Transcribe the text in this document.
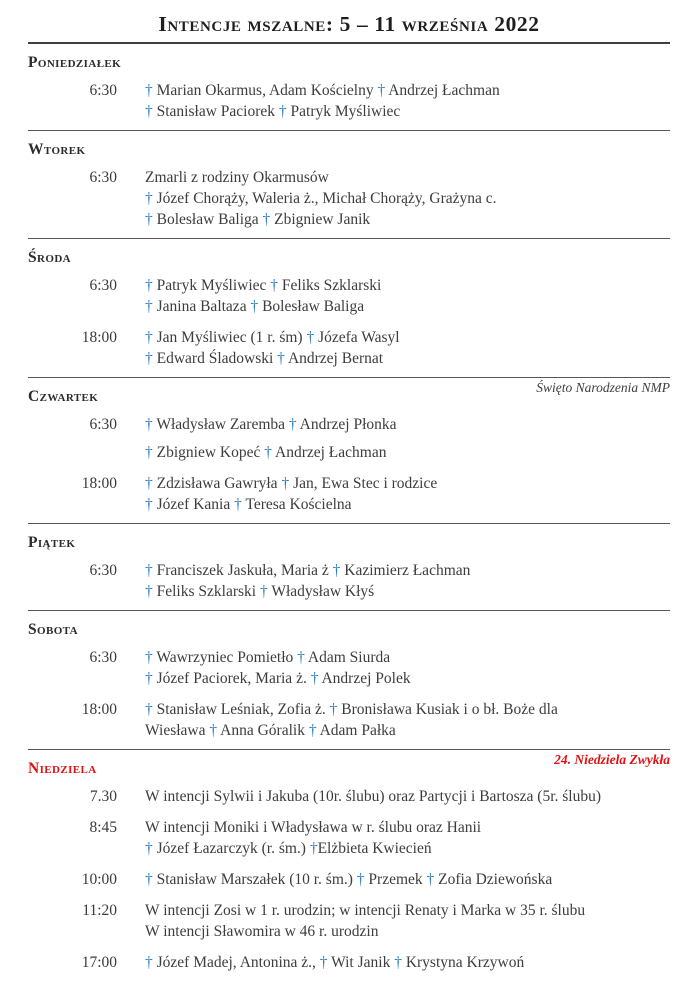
Intencje mszalne: 5 – 11 września 2022
Poniedziałek
6:30 † Marian Okarmus, Adam Kościelny † Andrzej Łachman
† Stanisław Paciorek † Patryk Myśliwiec
Wtorek
6:30 Zmarli z rodziny Okarmusów
† Józef Chorąży, Waleria ż., Michał Chorąży, Grażyna c.
† Bolesław Baliga † Zbigniew Janik
Środa
6:30 † Patryk Myśliwiec † Feliks Szklarski
† Janina Baltaza † Bolesław Baliga
18:00 † Jan Myśliwiec (1 r. śm) † Józefa Wasyl
† Edward Śladowski † Andrzej Bernat
Święto Narodzenia NMP
Czwartek
6:30 † Władysław Zaremba † Andrzej Płonka
† Zbigniew Kopeć † Andrzej Łachman
18:00 † Zdzisława Gawryła † Jan, Ewa Stec i rodzice
† Józef Kania † Teresa Kościelna
Piątek
6:30 † Franciszek Jaskuła, Maria ż † Kazimierz Łachman
† Feliks Szklarski † Władysław Kłyś
Sobota
6:30 † Wawrzyniec Pomietło † Adam Siurda
† Józef Paciorek, Maria ż. † Andrzej Polek
18:00 † Stanisław Leśniak, Zofia ż. † Bronisława Kusiak i o bł. Boże dla
Wiesława † Anna Góralik † Adam Pałka
24. Niedziela Zwykła
Niedziela
7.30 W intencji Sylwii i Jakuba (10r. ślubu) oraz Partycji i Bartosza (5r. ślubu)
8:45 W intencji Moniki i Władysława w r. ślubu oraz Hanii
† Józef Łazarczyk (r. śm.) †Elżbieta Kwiecień
10:00 † Stanisław Marszałek (10 r. śm.) † Przemek † Zofia Dziewońska
11:20 W intencji Zosi w 1 r. urodzin; w intencji Renaty i Marka w 35 r. ślubu
W intencji Sławomira w 46 r. urodzin
17:00 † Józef Madej, Antonina ż., † Wit Janik † Krystyna Krzywoń
